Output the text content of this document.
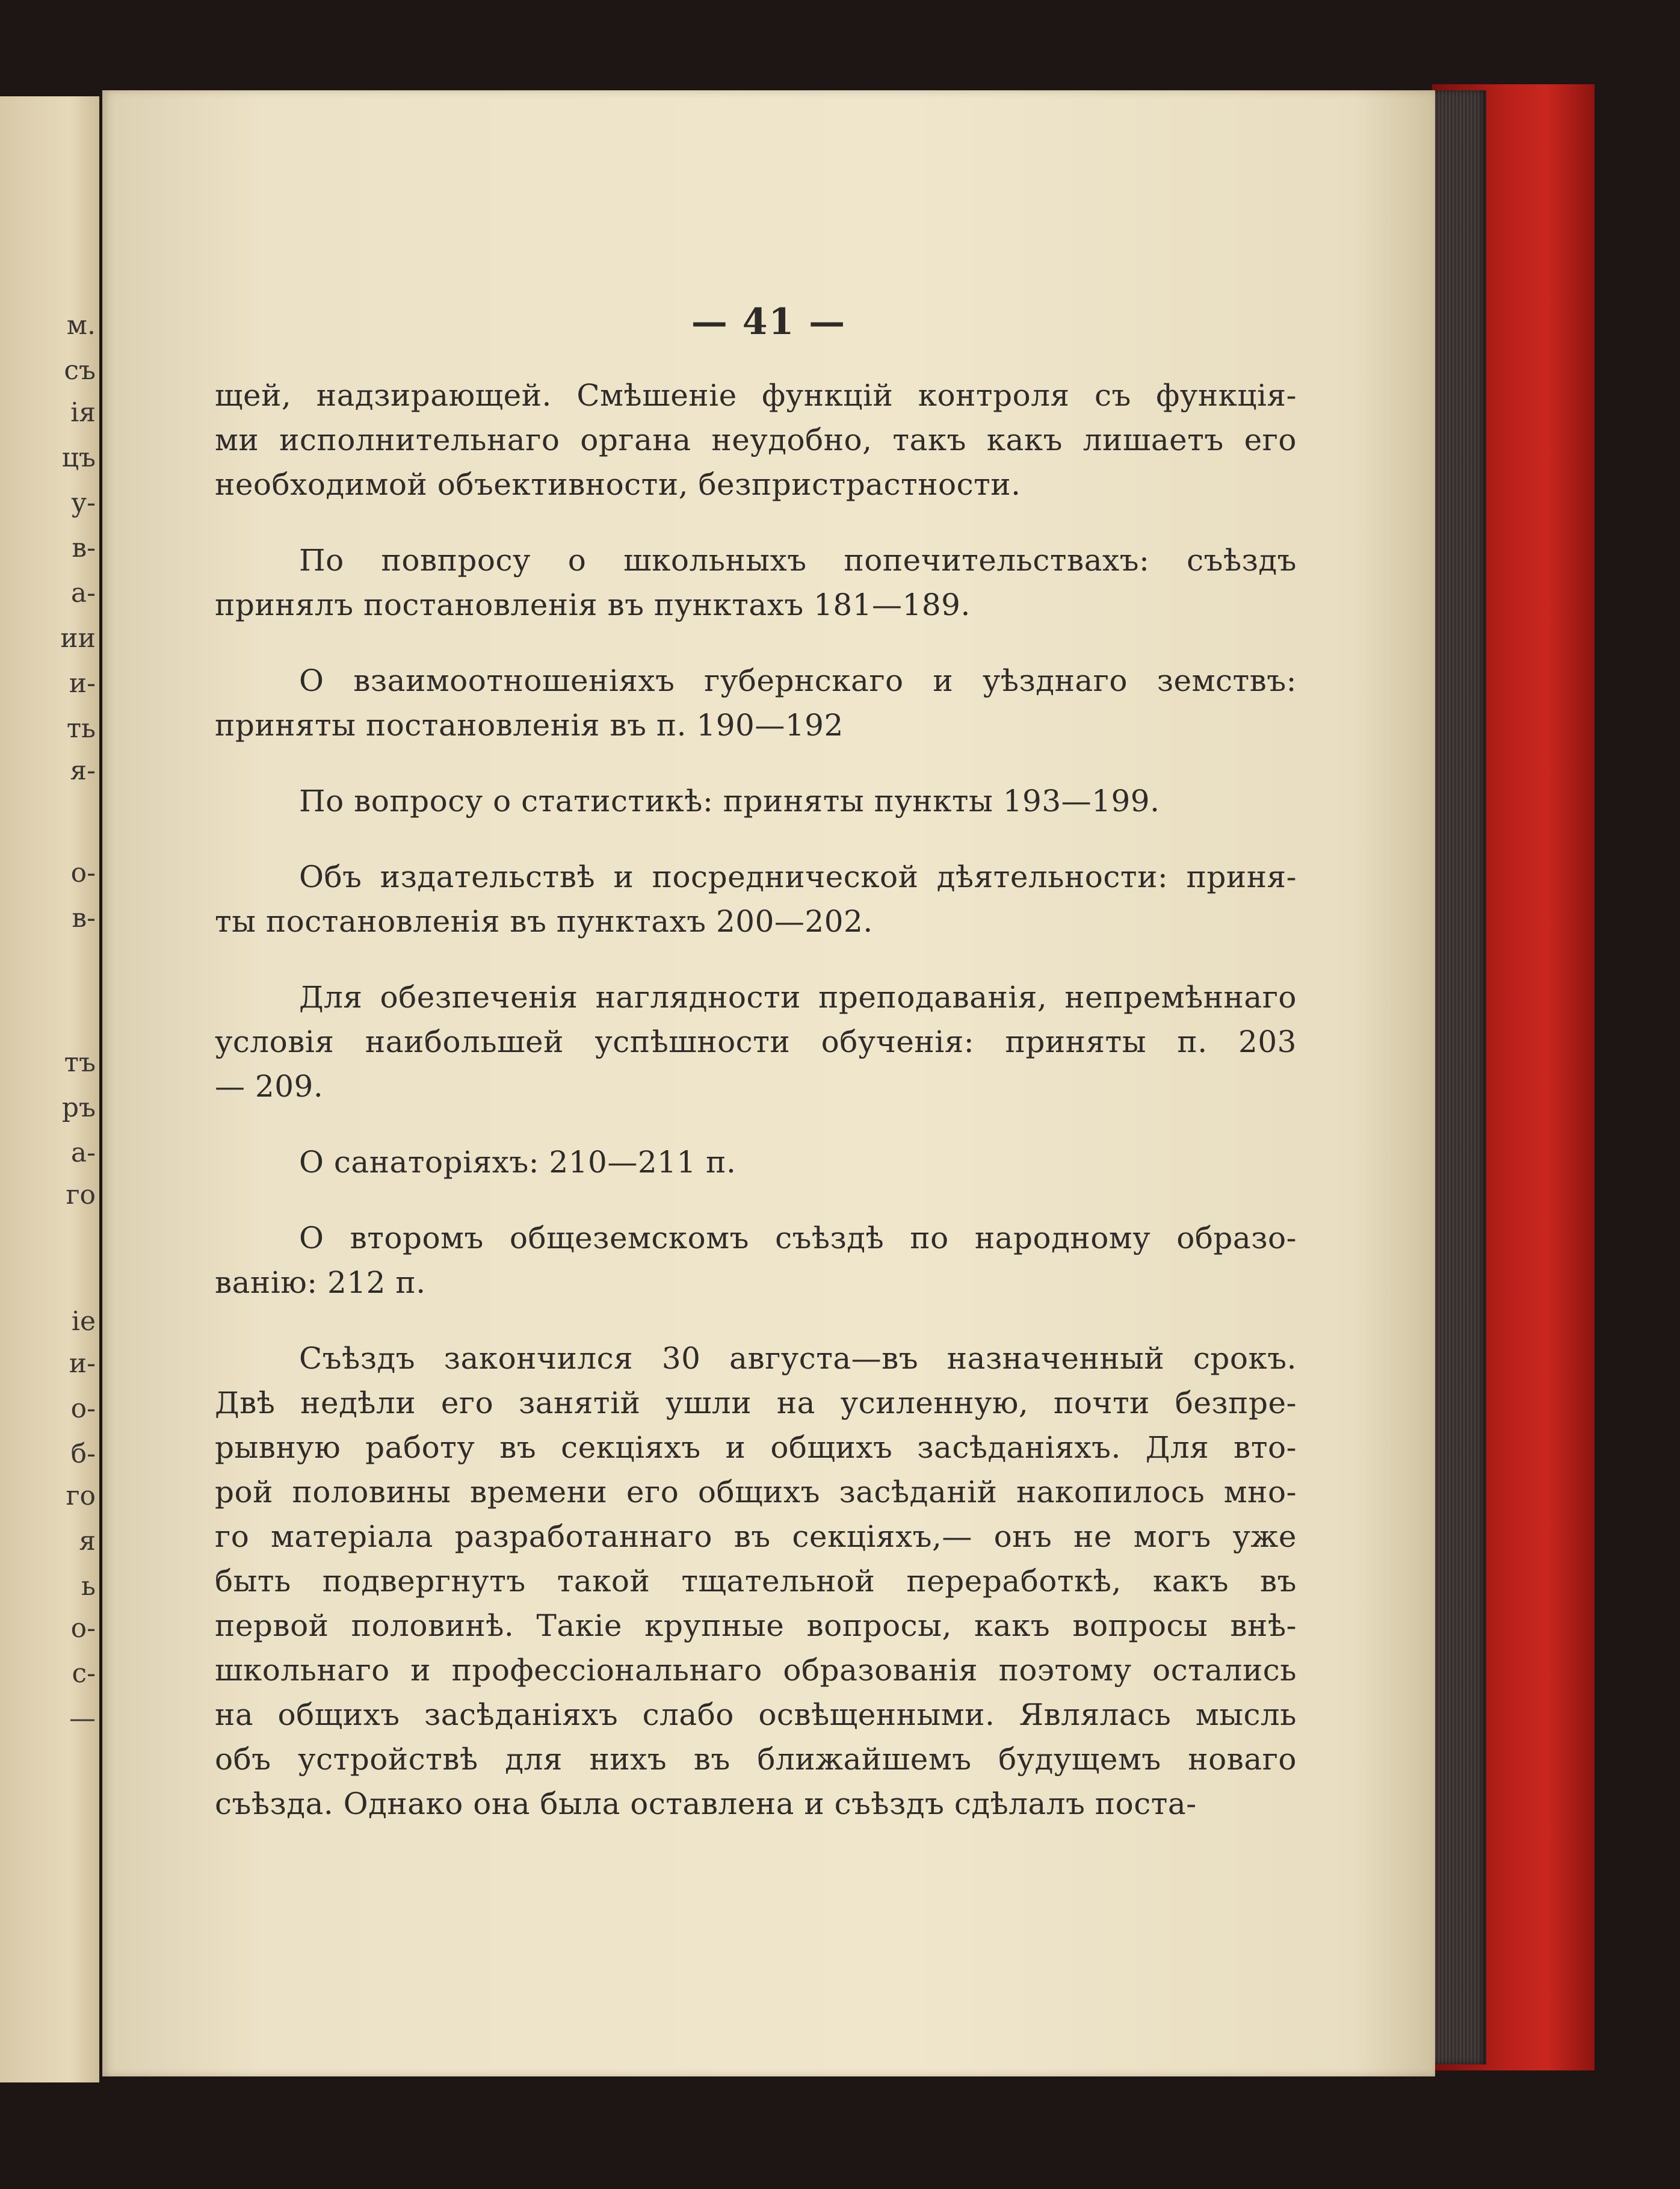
м.
съ
ія
цъ
у-
в-
а-
ии
и-
ть
я-
о-
в-
тъ
ръ
а-
го
ie
и-
о-
б-
го
я
ь
о-
с-
—
— 41 —
щей, надзирающей. Смѣшеніе функцій контроля съ функція-
ми исполнительнаго органа неудобно, такъ какъ лишаетъ его
необходимой объективности, безпристрастности.
По повпросу о школьныхъ попечительствахъ: съѣздъ
принялъ постановленія въ пунктахъ 181—189.
О взаимоотношеніяхъ губернскаго и уѣзднаго земствъ:
приняты постановленія въ п. 190—192
По вопросу о статистикѣ: приняты пункты 193—199.
Объ издательствѣ и посреднической дѣятельности: приня-
ты постановленія въ пунктахъ 200—202.
Для обезпеченія наглядности преподаванія, непремѣннаго
условія наибольшей успѣшности обученія: приняты п. 203
— 209.
О санаторіяхъ: 210—211 п.
О второмъ общеземскомъ съѣздѣ по народному образо-
ванію: 212 п.
Съѣздъ закончился 30 августа—въ назначенный срокъ.
Двѣ недѣли его занятій ушли на усиленную, почти безпре-
рывную работу въ секціяхъ и общихъ засѣданіяхъ. Для вто-
рой половины времени его общихъ засѣданій накопилось мно-
го матеріала разработаннаго въ секціяхъ,— онъ не могъ уже
быть подвергнутъ такой тщательной переработкѣ, какъ въ
первой половинѣ. Такіе крупные вопросы, какъ вопросы внѣ-
школьнаго и профессіональнаго образованія поэтому остались
на общихъ засѣданіяхъ слабо освѣщенными. Являлась мысль
объ устройствѣ для нихъ въ ближайшемъ будущемъ новаго
съѣзда. Однако она была оставлена и съѣздъ сдѣлалъ поста-
